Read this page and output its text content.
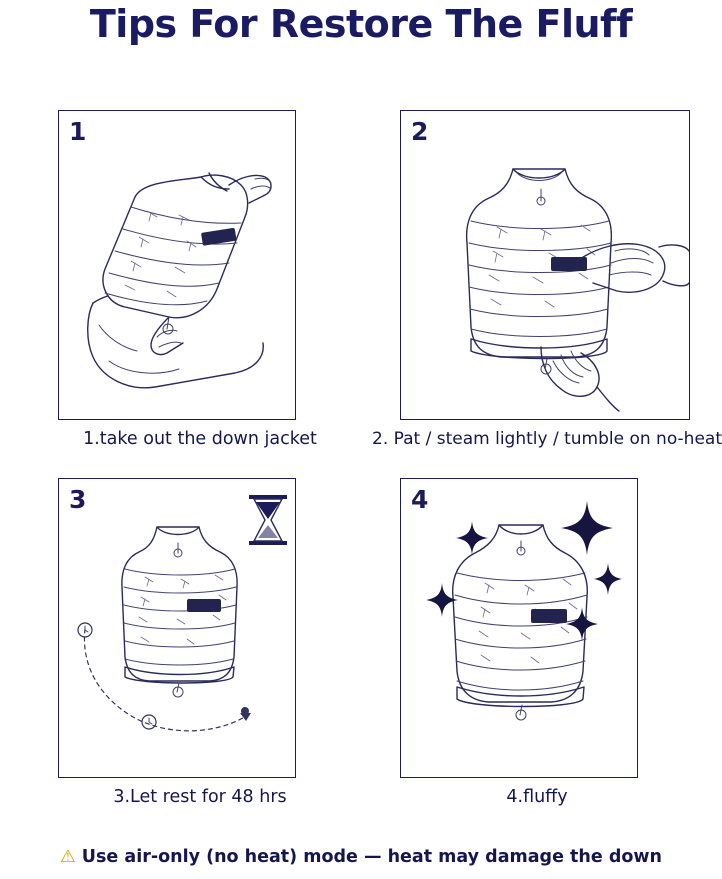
Tips For Restore The Fluff
1
1.take out the down jacket
2
2. Pat / steam lightly / tumble on no-heat
3
Start
24 hours
48 hours
3.Let rest for 48 hrs
4
4.fluffy
⚠ Use air-only (no heat) mode — heat may damage the down
